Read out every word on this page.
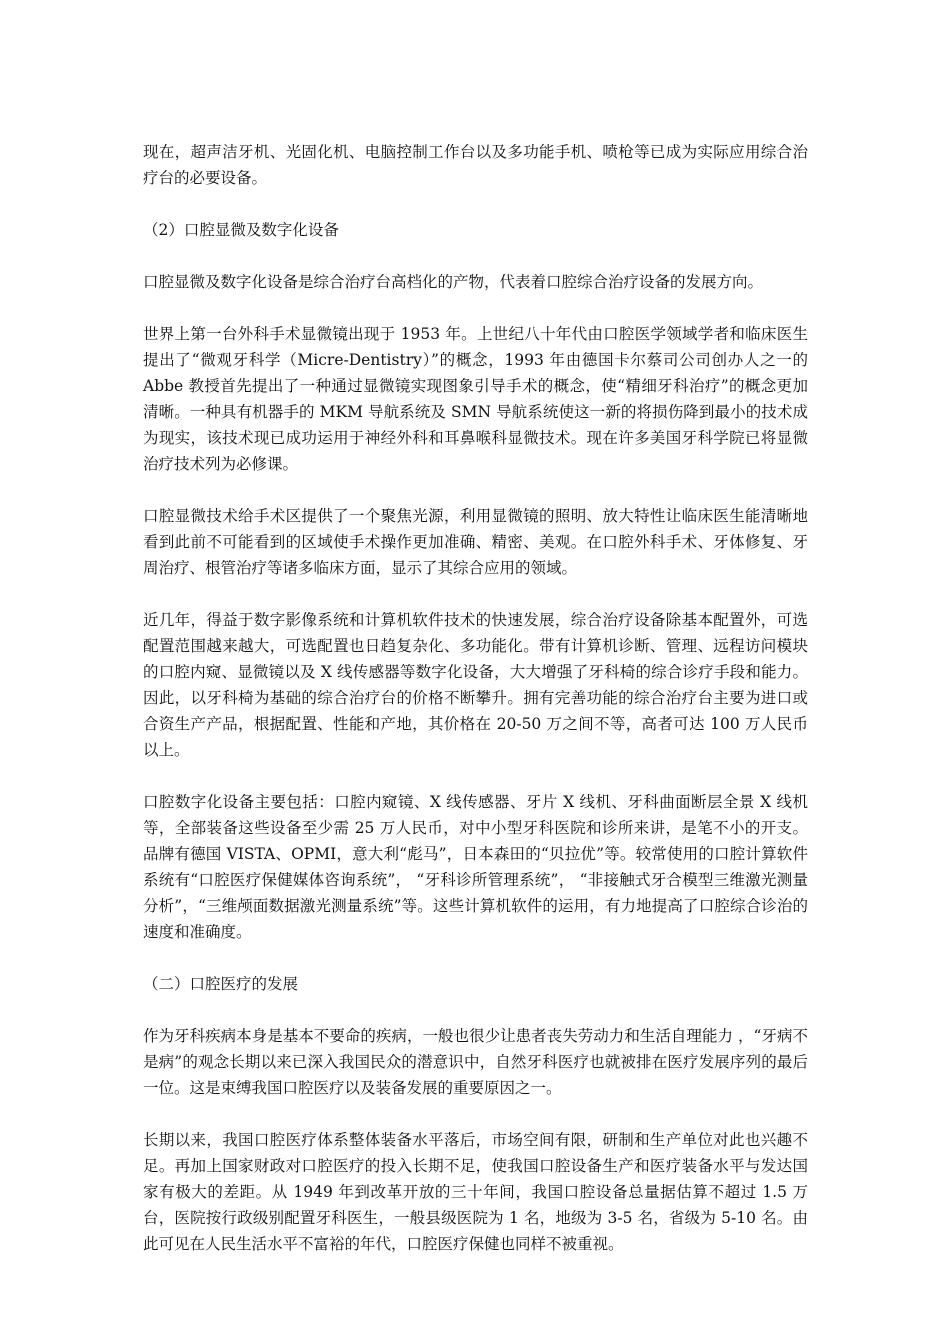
现在，超声洁牙机、光固化机、电脑控制工作台以及多功能手机、喷枪等已成为实际应用综合治疗台的必要设备。

（2）口腔显微及数字化设备

口腔显微及数字化设备是综合治疗台高档化的产物，代表着口腔综合治疗设备的发展方向。

世界上第一台外科手术显微镜出现于 1953 年。上世纪八十年代由口腔医学领域学者和临床医生提出了“微观牙科学（Micre-Dentistry）”的概念，1993 年由德国卡尔蔡司公司创办人之一的 Abbe 教授首先提出了一种通过显微镜实现图象引导手术的概念，使“精细牙科治疗”的概念更加清晰。一种具有机器手的 MKM 导航系统及 SMN 导航系统使这一新的将损伤降到最小的技术成为现实，该技术现已成功运用于神经外科和耳鼻喉科显微技术。现在许多美国牙科学院已将显微治疗技术列为必修课。

口腔显微技术给手术区提供了一个聚焦光源，利用显微镜的照明、放大特性让临床医生能清晰地看到此前不可能看到的区域使手术操作更加准确、精密、美观。在口腔外科手术、牙体修复、牙周治疗、根管治疗等诸多临床方面，显示了其综合应用的领域。

近几年，得益于数字影像系统和计算机软件技术的快速发展，综合治疗设备除基本配置外，可选配置范围越来越大，可选配置也日趋复杂化、多功能化。带有计算机诊断、管理、远程访问模块的口腔内窥、显微镜以及 X 线传感器等数字化设备，大大增强了牙科椅的综合诊疗手段和能力。因此，以牙科椅为基础的综合治疗台的价格不断攀升。拥有完善功能的综合治疗台主要为进口或合资生产产品，根据配置、性能和产地，其价格在 20-50 万之间不等，高者可达 100 万人民币以上。

口腔数字化设备主要包括：口腔内窥镜、X 线传感器、牙片 X 线机、牙科曲面断层全景 X 线机等，全部装备这些设备至少需 25 万人民币，对中小型牙科医院和诊所来讲，是笔不小的开支。品牌有德国 VISTA、OPMI，意大利“彪马”，日本森田的“贝拉优”等。较常使用的口腔计算软件系统有“口腔医疗保健媒体咨询系统”， “牙科诊所管理系统”， “非接触式牙合模型三维激光测量分析”，“三维颅面数据激光测量系统”等。这些计算机软件的运用，有力地提高了口腔综合诊治的速度和准确度。

（二）口腔医疗的发展

作为牙科疾病本身是基本不要命的疾病，一般也很少让患者丧失劳动力和生活自理能力 ，“牙病不是病”的观念长期以来已深入我国民众的潜意识中，自然牙科医疗也就被排在医疗发展序列的最后一位。这是束缚我国口腔医疗以及装备发展的重要原因之一。

长期以来，我国口腔医疗体系整体装备水平落后，市场空间有限，研制和生产单位对此也兴趣不足。再加上国家财政对口腔医疗的投入长期不足，使我国口腔设备生产和医疗装备水平与发达国家有极大的差距。从 1949 年到改革开放的三十年间，我国口腔设备总量据估算不超过 1.5 万台，医院按行政级别配置牙科医生，一般县级医院为 1 名，地级为 3-5 名，省级为 5-10 名。由此可见在人民生活水平不富裕的年代，口腔医疗保健也同样不被重视。
